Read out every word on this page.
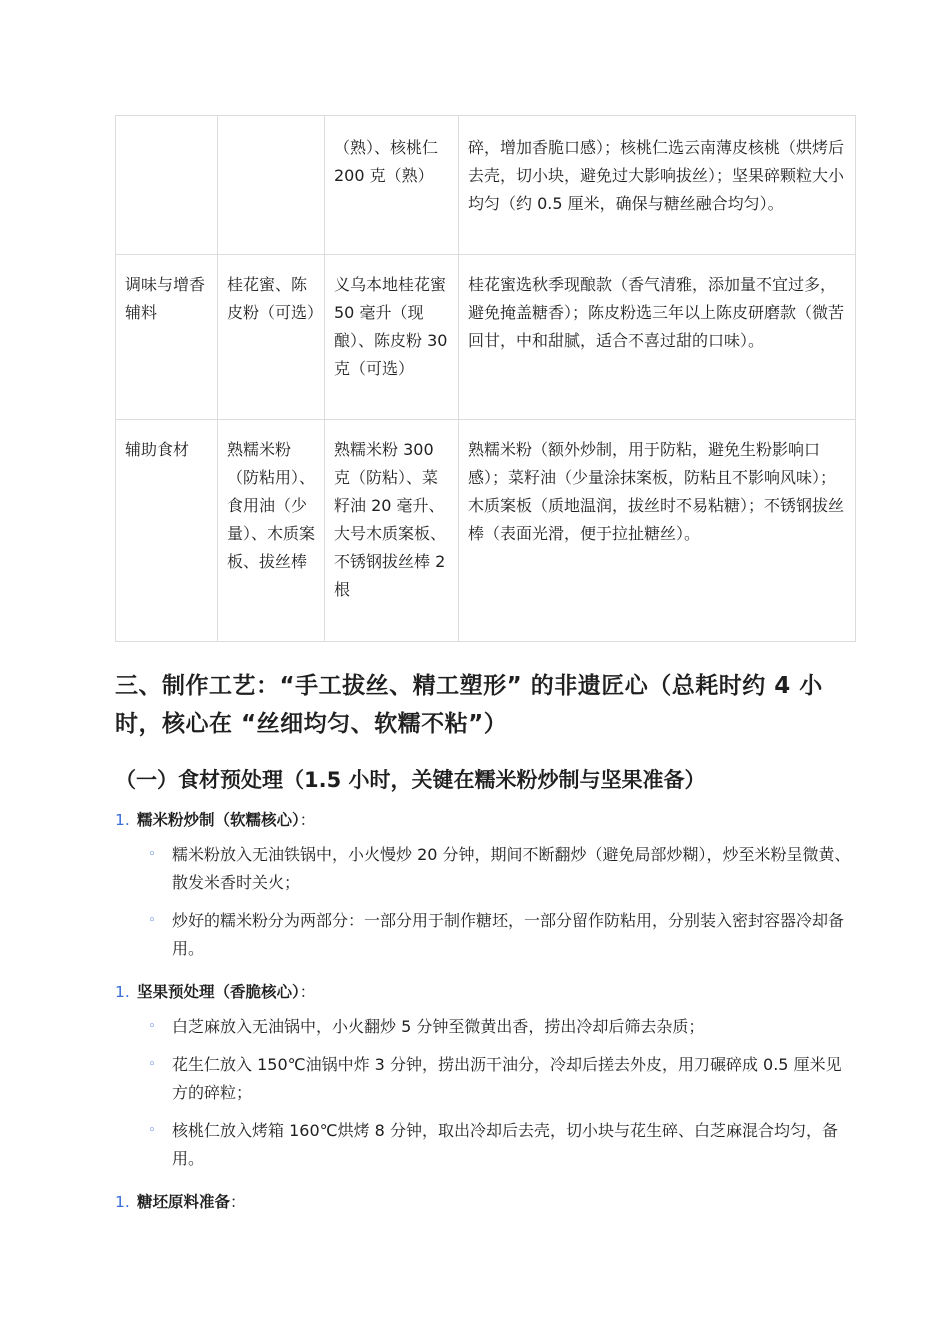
		（熟）、核桃仁 200 克（熟）	碎，增加香脆口感）；核桃仁选云南薄皮核桃（烘烤后去壳，切小块，避免过大影响拔丝）；坚果碎颗粒大小均匀（约 0.5 厘米，确保与糖丝融合均匀）。
调味与增香辅料	桂花蜜、陈皮粉（可选）	义乌本地桂花蜜 50 毫升（现酿）、陈皮粉 30 克（可选）	桂花蜜选秋季现酿款（香气清雅，添加量不宜过多，避免掩盖糖香）；陈皮粉选三年以上陈皮研磨款（微苦回甘，中和甜腻，适合不喜过甜的口味）。
辅助食材	熟糯米粉（防粘用）、食用油（少量）、木质案板、拔丝棒	熟糯米粉 300 克（防粘）、菜籽油 20 毫升、大号木质案板、不锈钢拔丝棒 2 根	熟糯米粉（额外炒制，用于防粘，避免生粉影响口感）；菜籽油（少量涂抹案板，防粘且不影响风味）；木质案板（质地温润，拔丝时不易粘糖）；不锈钢拔丝棒（表面光滑，便于拉扯糖丝）。
三、制作工艺：“手工拔丝、精工塑形” 的非遗匠心（总耗时约 4 小时，核心在 “丝细均匀、软糯不粘”）
（一）食材预处理（1.5 小时，关键在糯米粉炒制与坚果准备）
1. 糯米粉炒制（软糯核心）：
◦ 糯米粉放入无油铁锅中，小火慢炒 20 分钟，期间不断翻炒（避免局部炒糊），炒至米粉呈微黄、散发米香时关火；
◦ 炒好的糯米粉分为两部分：一部分用于制作糖坯，一部分留作防粘用，分别装入密封容器冷却备用。
1. 坚果预处理（香脆核心）：
◦ 白芝麻放入无油锅中，小火翻炒 5 分钟至微黄出香，捞出冷却后筛去杂质；
◦ 花生仁放入 150℃油锅中炸 3 分钟，捞出沥干油分，冷却后搓去外皮，用刀碾碎成 0.5 厘米见方的碎粒；
◦ 核桃仁放入烤箱 160℃烘烤 8 分钟，取出冷却后去壳，切小块与花生碎、白芝麻混合均匀，备用。
1. 糖坯原料准备：
